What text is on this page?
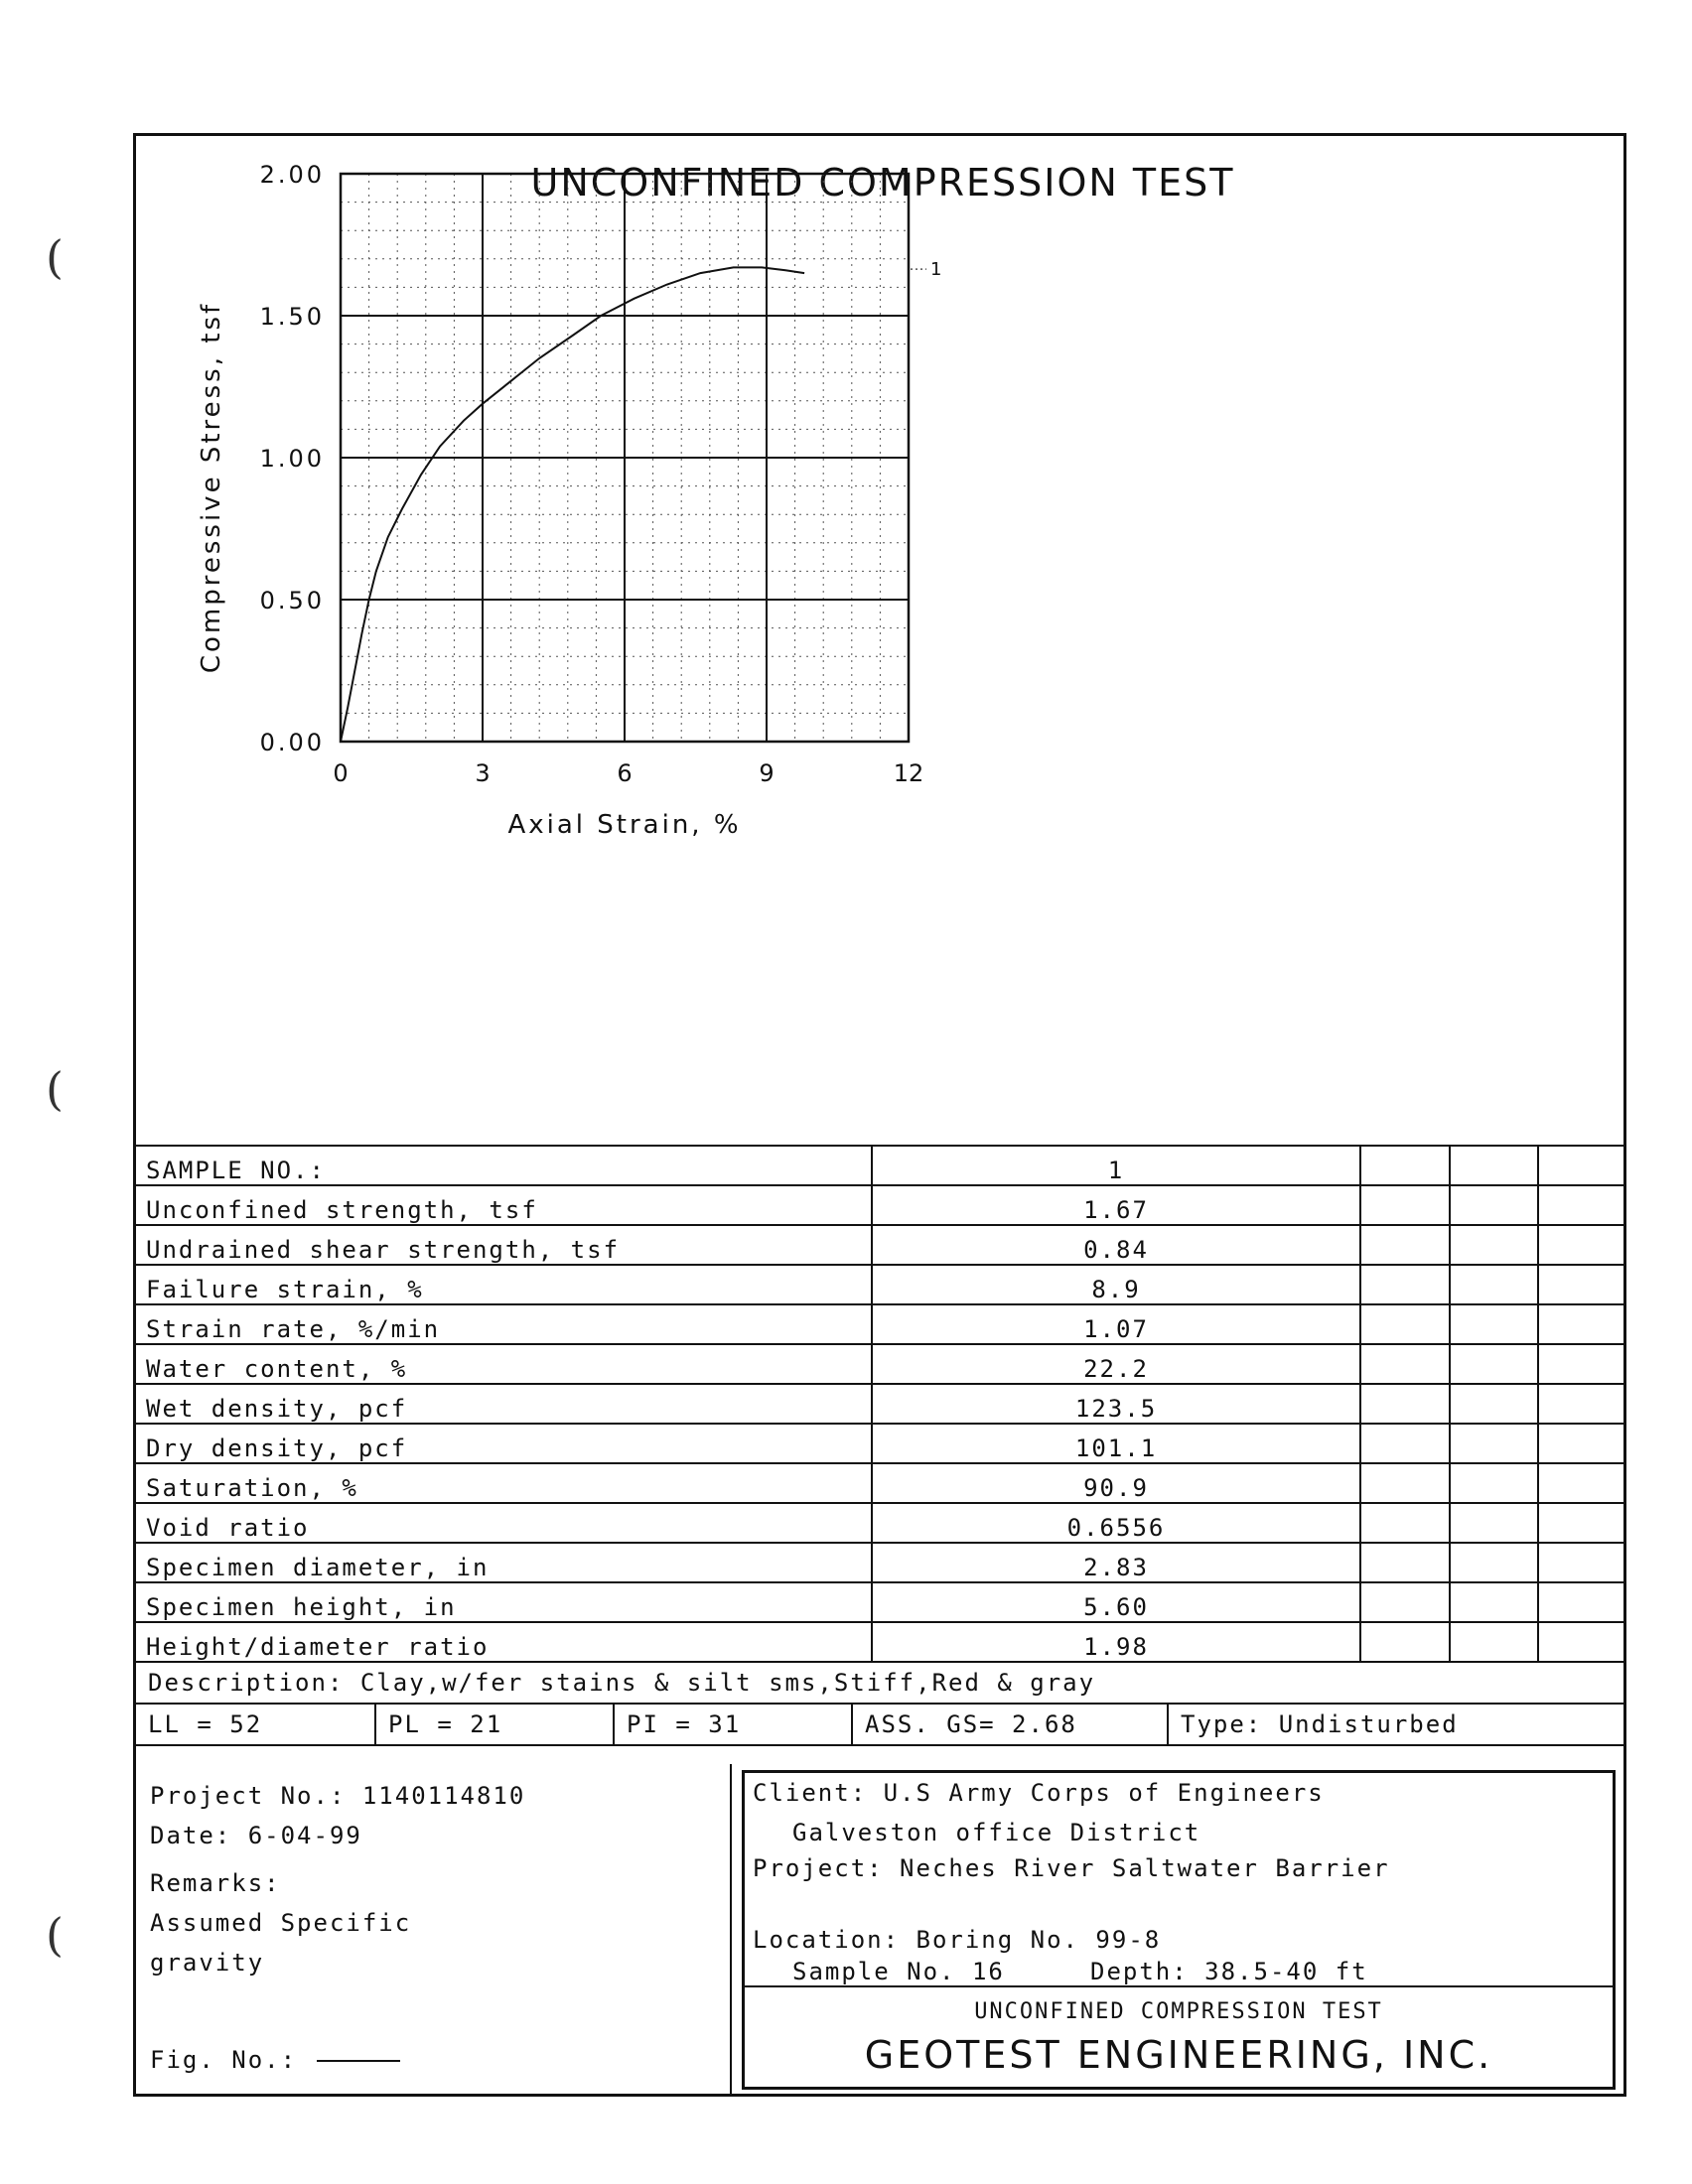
(
(
(
UNCONFINED COMPRESSION TEST
0.00
0.50
1.00
1.50
2.00
0	3	6	9	12
Compressive Stress, tsf
Axial Strain, %
1
SAMPLE NO.:	1			
Unconfined strength, tsf	1.67			
Undrained shear strength, tsf	0.84			
Failure strain, %	8.9			
Strain rate, %/min	1.07			
Water content, %	22.2			
Wet density, pcf	123.5			
Dry density, pcf	101.1			
Saturation, %	90.9			
Void ratio	0.6556			
Specimen diameter, in	2.83			
Specimen height, in	5.60			
Height/diameter ratio	1.98			
Description: Clay,w/fer stains & silt sms,Stiff,Red & gray
LL = 52	PL = 21	PI = 31	ASS. GS= 2.68	Type: Undisturbed
Project No.: 1140114810
Date: 6-04-99
Remarks:
Assumed Specific
gravity
Fig. No.:
Client: U.S Army Corps of Engineers
Galveston office District
Project: Neches River Saltwater Barrier
Location: Boring No. 99-8
Sample No. 16	Depth: 38.5-40 ft
UNCONFINED COMPRESSION TEST
GEOTEST ENGINEERING, INC.
